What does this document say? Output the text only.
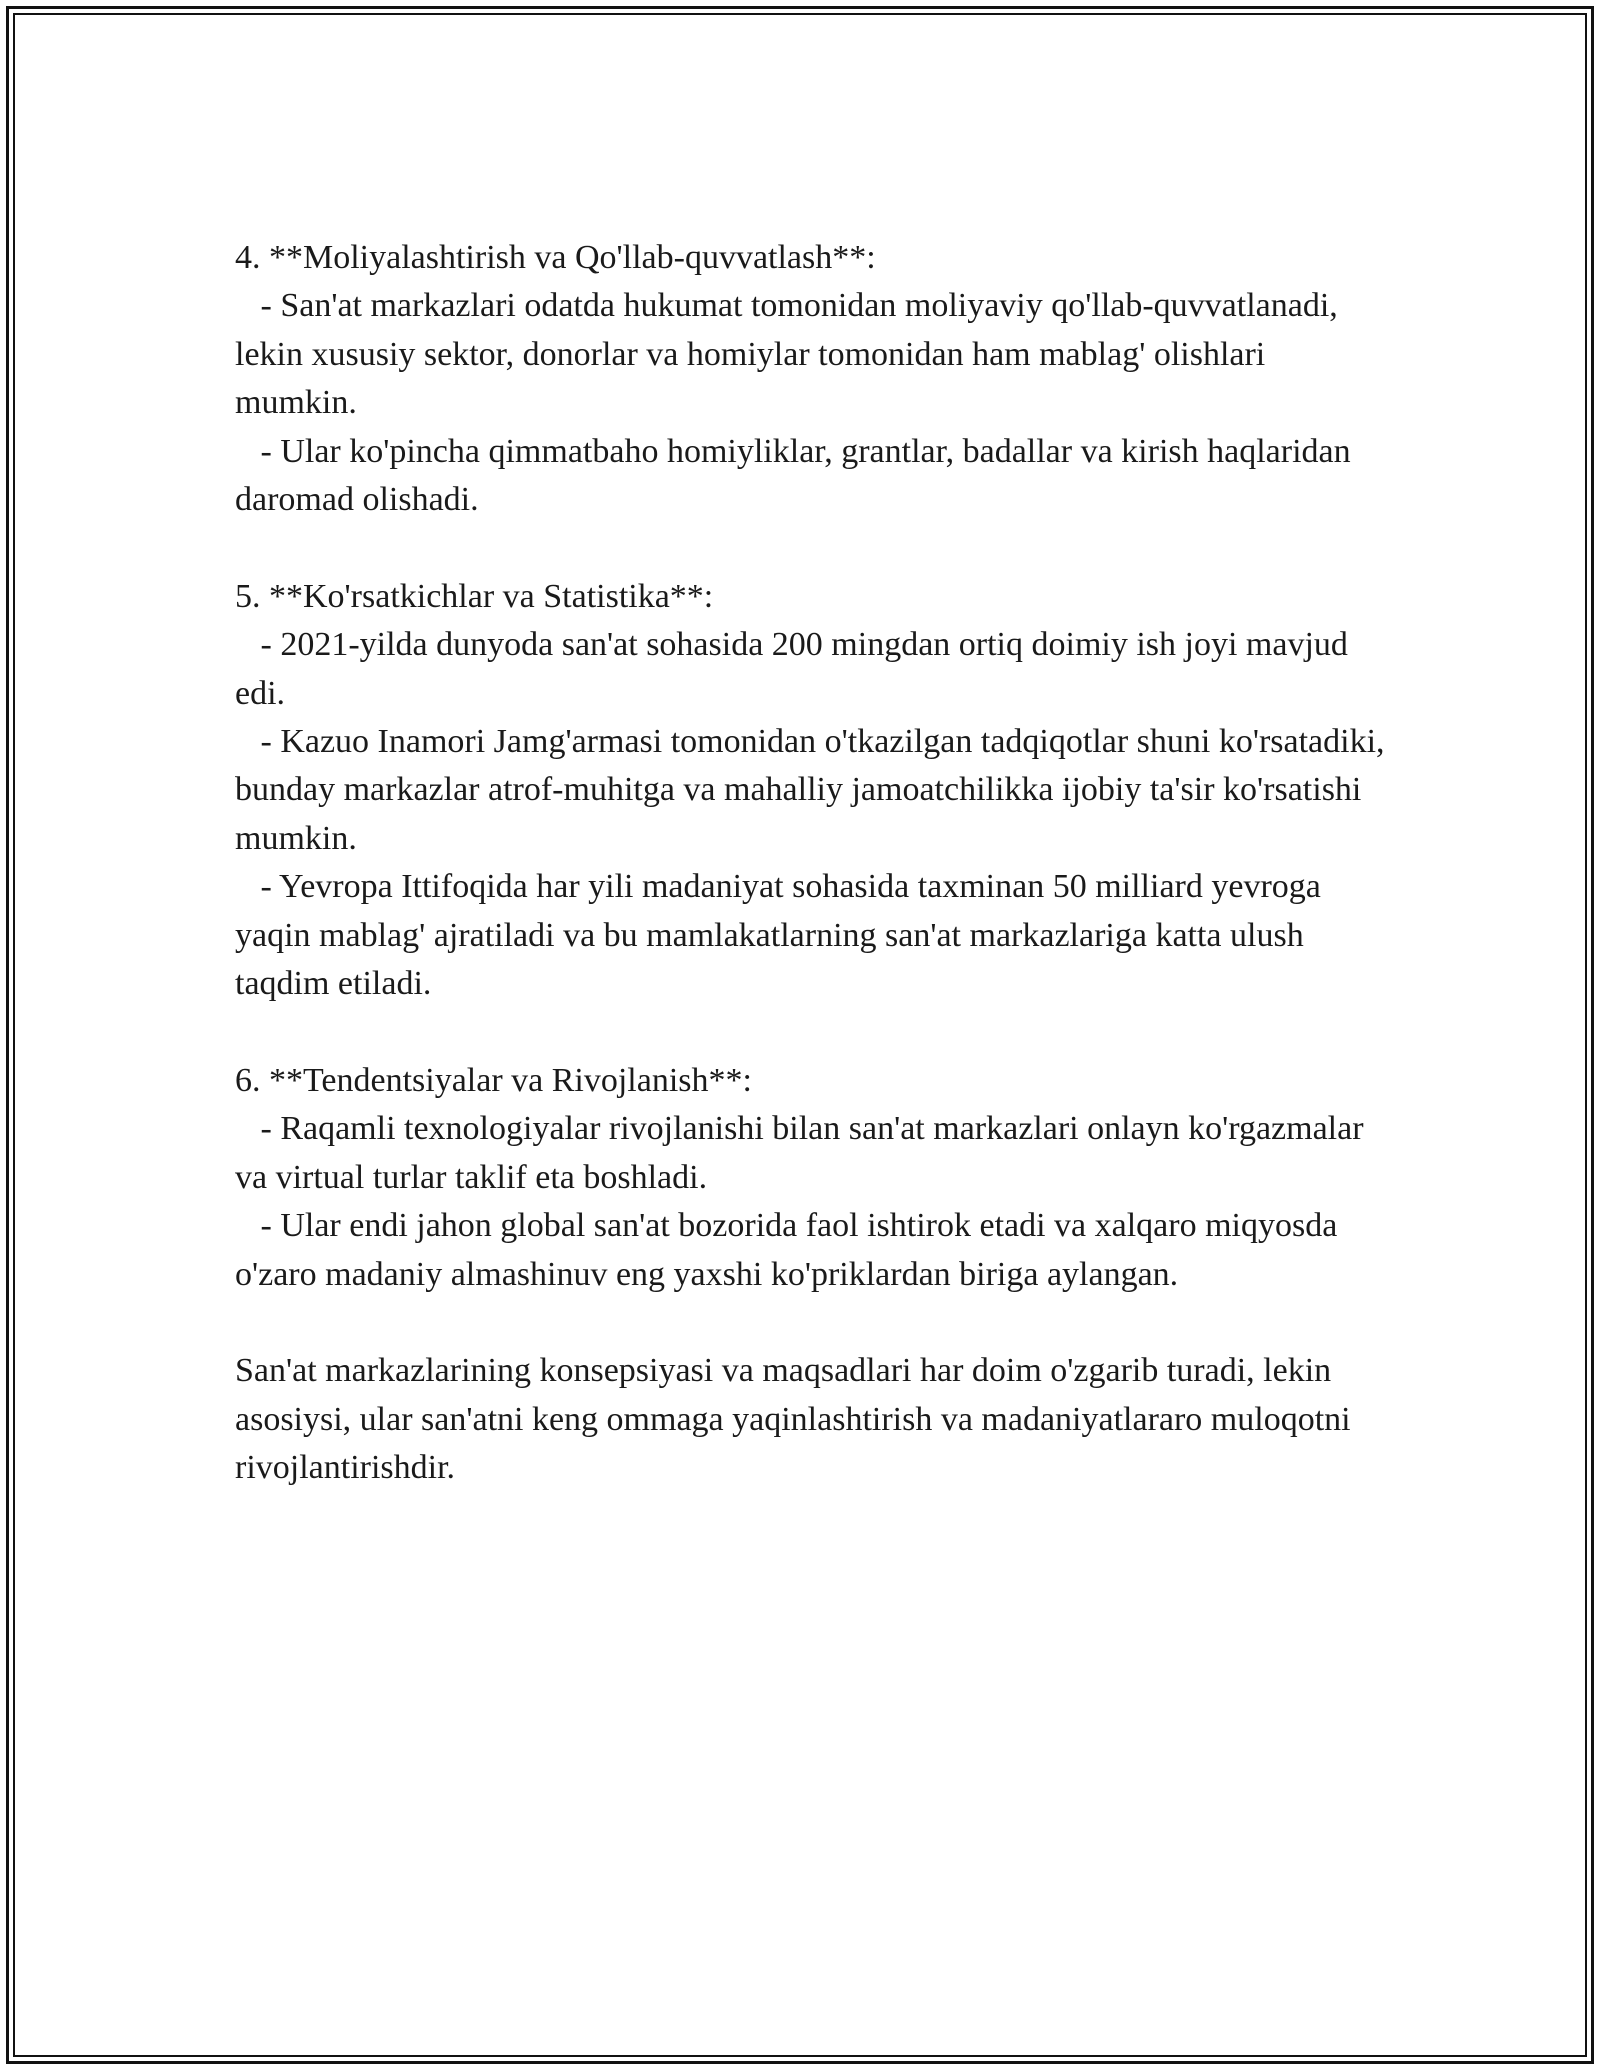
4. **Moliyalashtirish va Qo'llab-quvvatlash**:

- San'at markazlari odatda hukumat tomonidan moliyaviy qo'llab-quvvatlanadi, lekin xususiy sektor, donorlar va homiylar tomonidan ham mablag' olishlari mumkin.

- Ular ko'pincha qimmatbaho homiyliklar, grantlar, badallar va kirish haqlaridan daromad olishadi.

5. **Ko'rsatkichlar va Statistika**:

- 2021-yilda dunyoda san'at sohasida 200 mingdan ortiq doimiy ish joyi mavjud edi.

- Kazuo Inamori Jamg'armasi tomonidan o'tkazilgan tadqiqotlar shuni ko'rsatadiki, bunday markazlar atrof-muhitga va mahalliy jamoatchilikka ijobiy ta'sir ko'rsatishi mumkin.

- Yevropa Ittifoqida har yili madaniyat sohasida taxminan 50 milliard yevroga yaqin mablag' ajratiladi va bu mamlakatlarning san'at markazlariga katta ulush taqdim etiladi.

6. **Tendentsiyalar va Rivojlanish**:

- Raqamli texnologiyalar rivojlanishi bilan san'at markazlari onlayn ko'rgazmalar va virtual turlar taklif eta boshladi.

- Ular endi jahon global san'at bozorida faol ishtirok etadi va xalqaro miqyosda o'zaro madaniy almashinuv eng yaxshi ko'priklardan biriga aylangan.

San'at markazlarining konsepsiyasi va maqsadlari har doim o'zgarib turadi, lekin asosiysi, ular san'atni keng ommaga yaqinlashtirish va madaniyatlararo muloqotni rivojlantirishdir.
